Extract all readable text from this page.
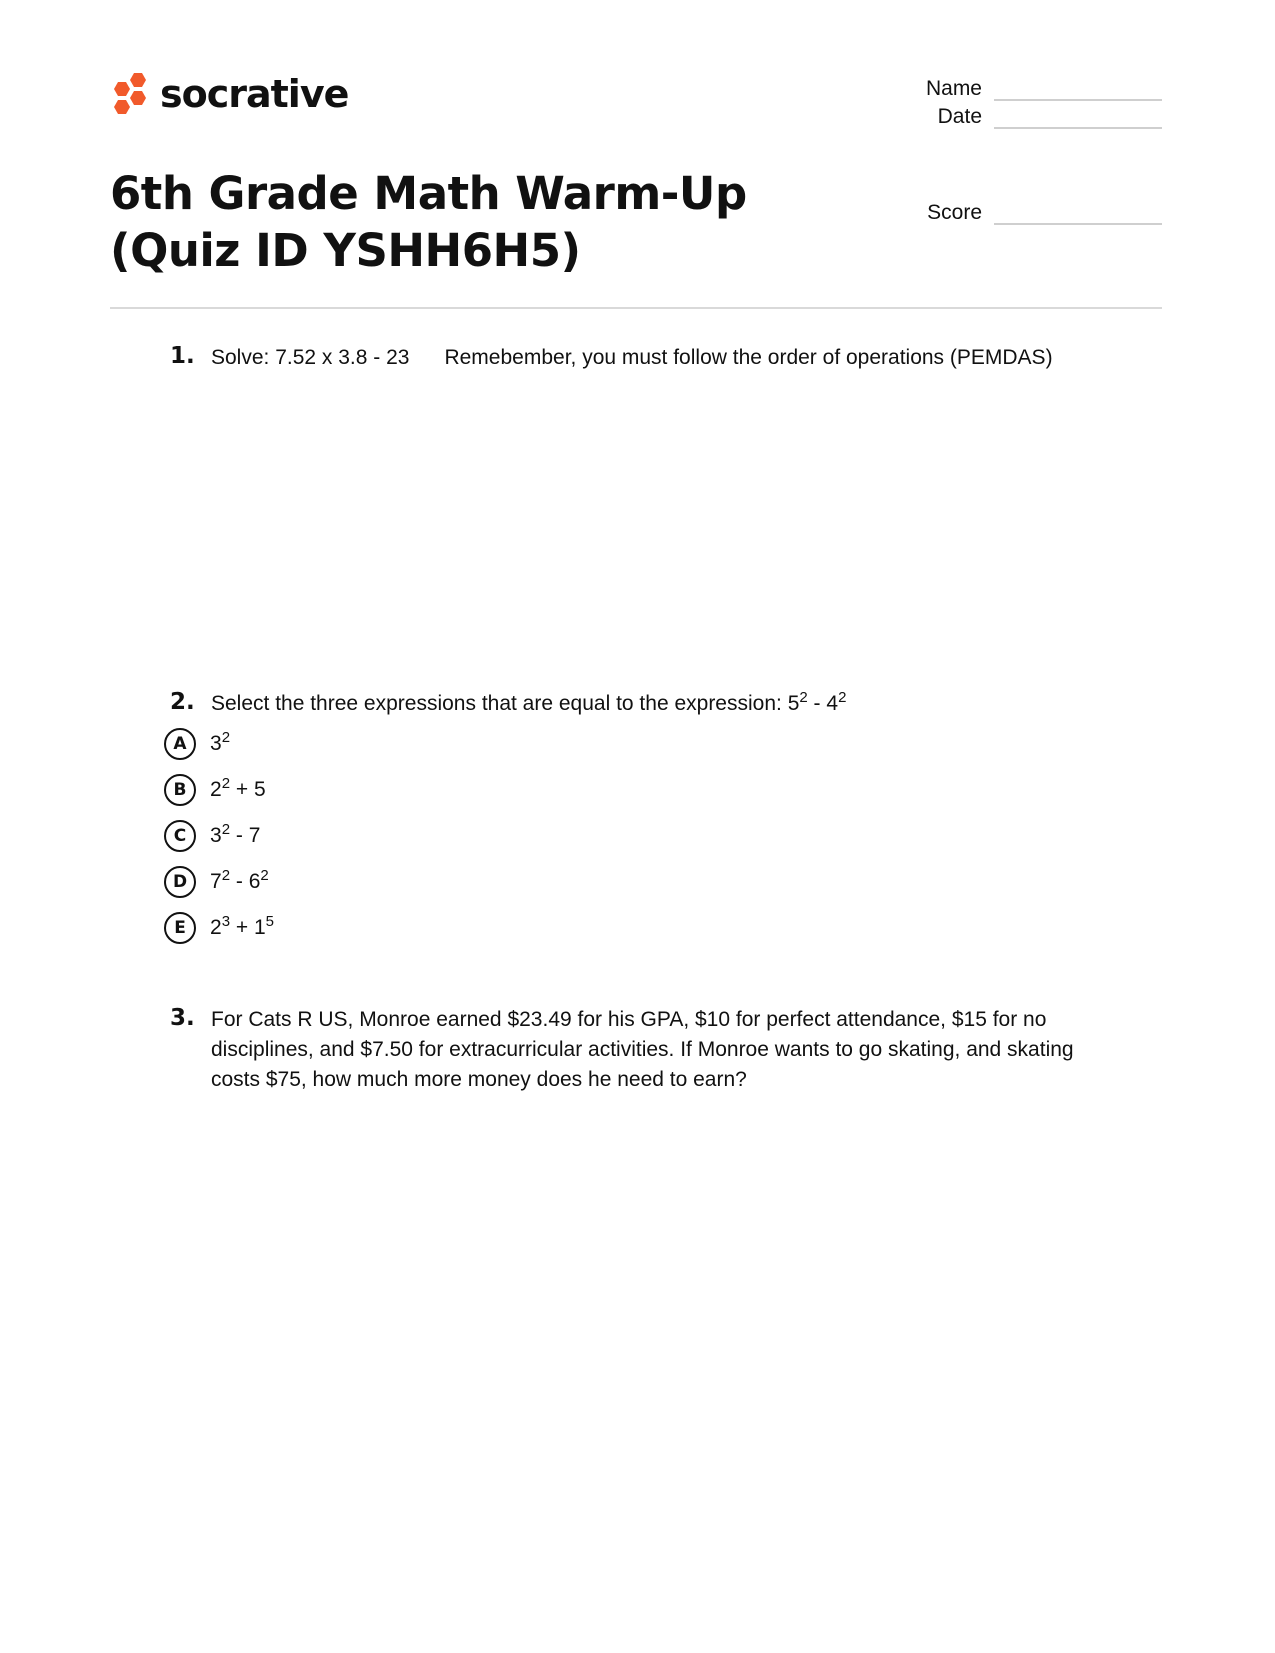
socrative	Name
Date
Score
6th Grade Math Warm-Up (Quiz ID YSHH6H5)
1. Solve: 7.52 x 3.8 - 23      Remebember, you must follow the order of operations (PEMDAS)
2. Select the three expressions that are equal to the expression: $5^2 - 4^2$
A	$3^2$
B	$2^2 + 5$
C	$3^2 - 7$
D	$7^2 - 6^2$
E	$2^3 + 1^5$
3. For Cats R US, Monroe earned $23.49 for his GPA, $10 for perfect attendance, $15 for no disciplines, and $7.50 for extracurricular activities. If Monroe wants to go skating, and skating costs $75, how much more money does he need to earn?
